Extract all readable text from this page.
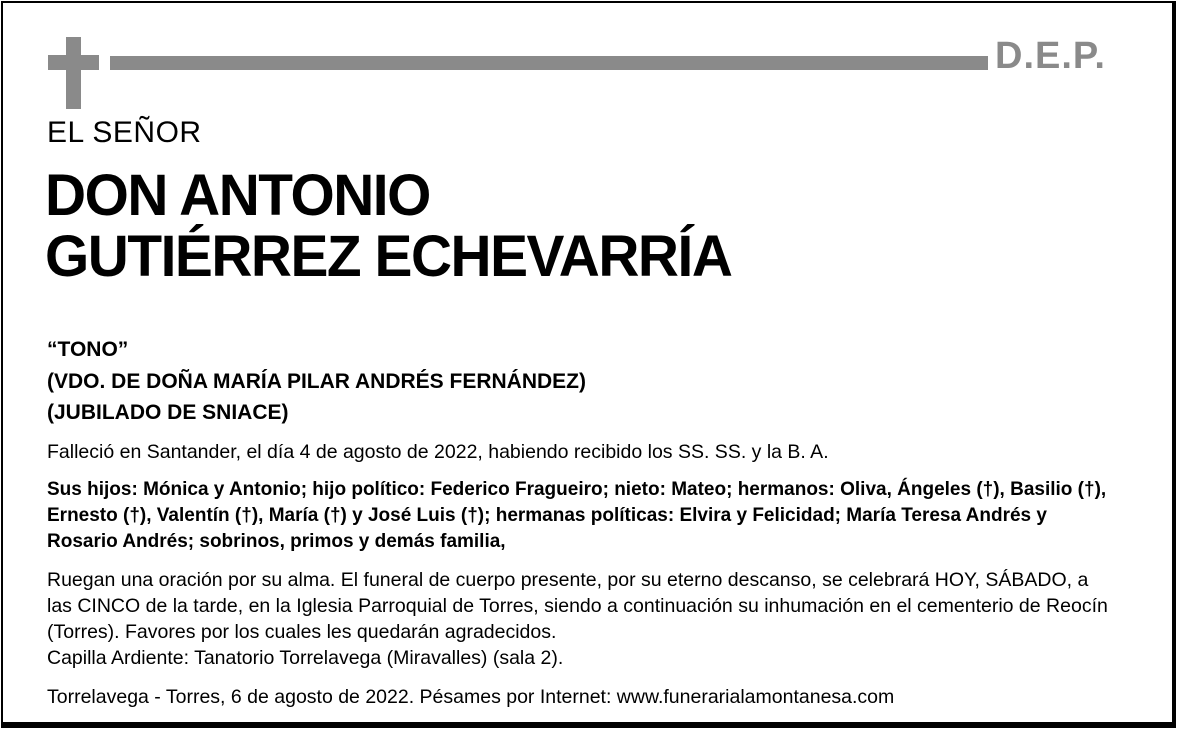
D.E.P.
EL SEÑOR
DON ANTONIO
GUTIÉRREZ ECHEVARRÍA
“TONO”
(VDO. DE DOÑA MARÍA PILAR ANDRÉS FERNÁNDEZ)
(JUBILADO DE SNIACE)
Falleció en Santander, el día 4 de agosto de 2022, habiendo recibido los SS. SS. y la B. A.
Sus hijos: Mónica y Antonio; hijo político: Federico Fragueiro; nieto: Mateo; hermanos: Oliva, Ángeles (†), Basilio (†), Ernesto (†), Valentín (†), María (†) y José Luis (†); hermanas políticas: Elvira y Felicidad; María Teresa Andrés y Rosario Andrés; sobrinos, primos y demás familia,
Ruegan una oración por su alma. El funeral de cuerpo presente, por su eterno descanso, se celebrará HOY, SÁBADO, a las CINCO de la tarde, en la Iglesia Parroquial de Torres, siendo a continuación su inhumación en el cementerio de Reocín (Torres). Favores por los cuales les quedarán agradecidos.
Capilla Ardiente: Tanatorio Torrelavega (Miravalles) (sala 2).
Torrelavega - Torres, 6 de agosto de 2022. Pésames por Internet: www.funerarialamontanesa.com
